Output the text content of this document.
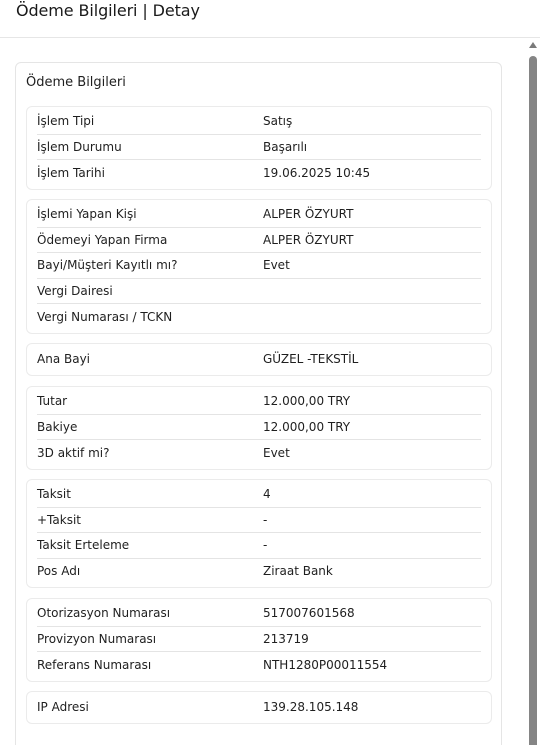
Ödeme Bilgileri | Detay
Ödeme Bilgileri
İşlem Tipi	Satış
İşlem Durumu	Başarılı
İşlem Tarihi	19.06.2025 10:45
İşlemi Yapan Kişi	ALPER ÖZYURT
Ödemeyi Yapan Firma	ALPER ÖZYURT
Bayi/Müşteri Kayıtlı mı?	Evet
Vergi Dairesi
Vergi Numarası / TCKN
Ana Bayi	GÜZEL -TEKSTİL
Tutar	12.000,00 TRY
Bakiye	12.000,00 TRY
3D aktif mi?	Evet
Taksit	4
+Taksit	-
Taksit Erteleme	-
Pos Adı	Ziraat Bank
Otorizasyon Numarası	517007601568
Provizyon Numarası	213719
Referans Numarası	NTH1280P00011554
IP Adresi	139.28.105.148
